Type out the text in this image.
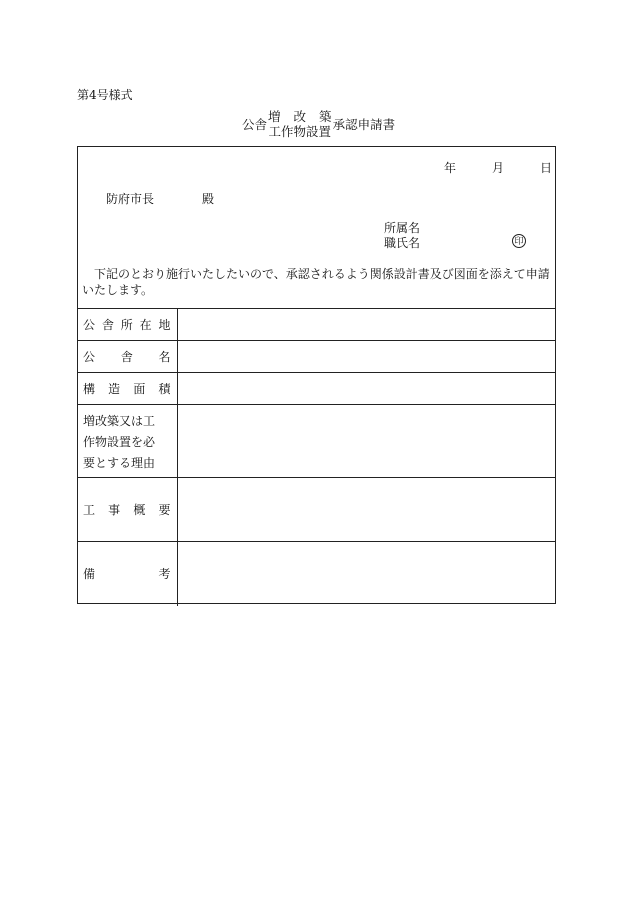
第4号様式
公舎
増 改 築
工作物設置 承認申請書
年	月	日
防府市長	殿
所属名
職氏名	印
下記のとおり施行いたしたいので、承認されるよう関係設計書及び図面を添えて申請いたします。
公 舎 所 在 地	

公 舎 名	

構 造 面 積	

増改築又は工
作物設置を必
要とする理由	

工 事 概 要	

備 考	
